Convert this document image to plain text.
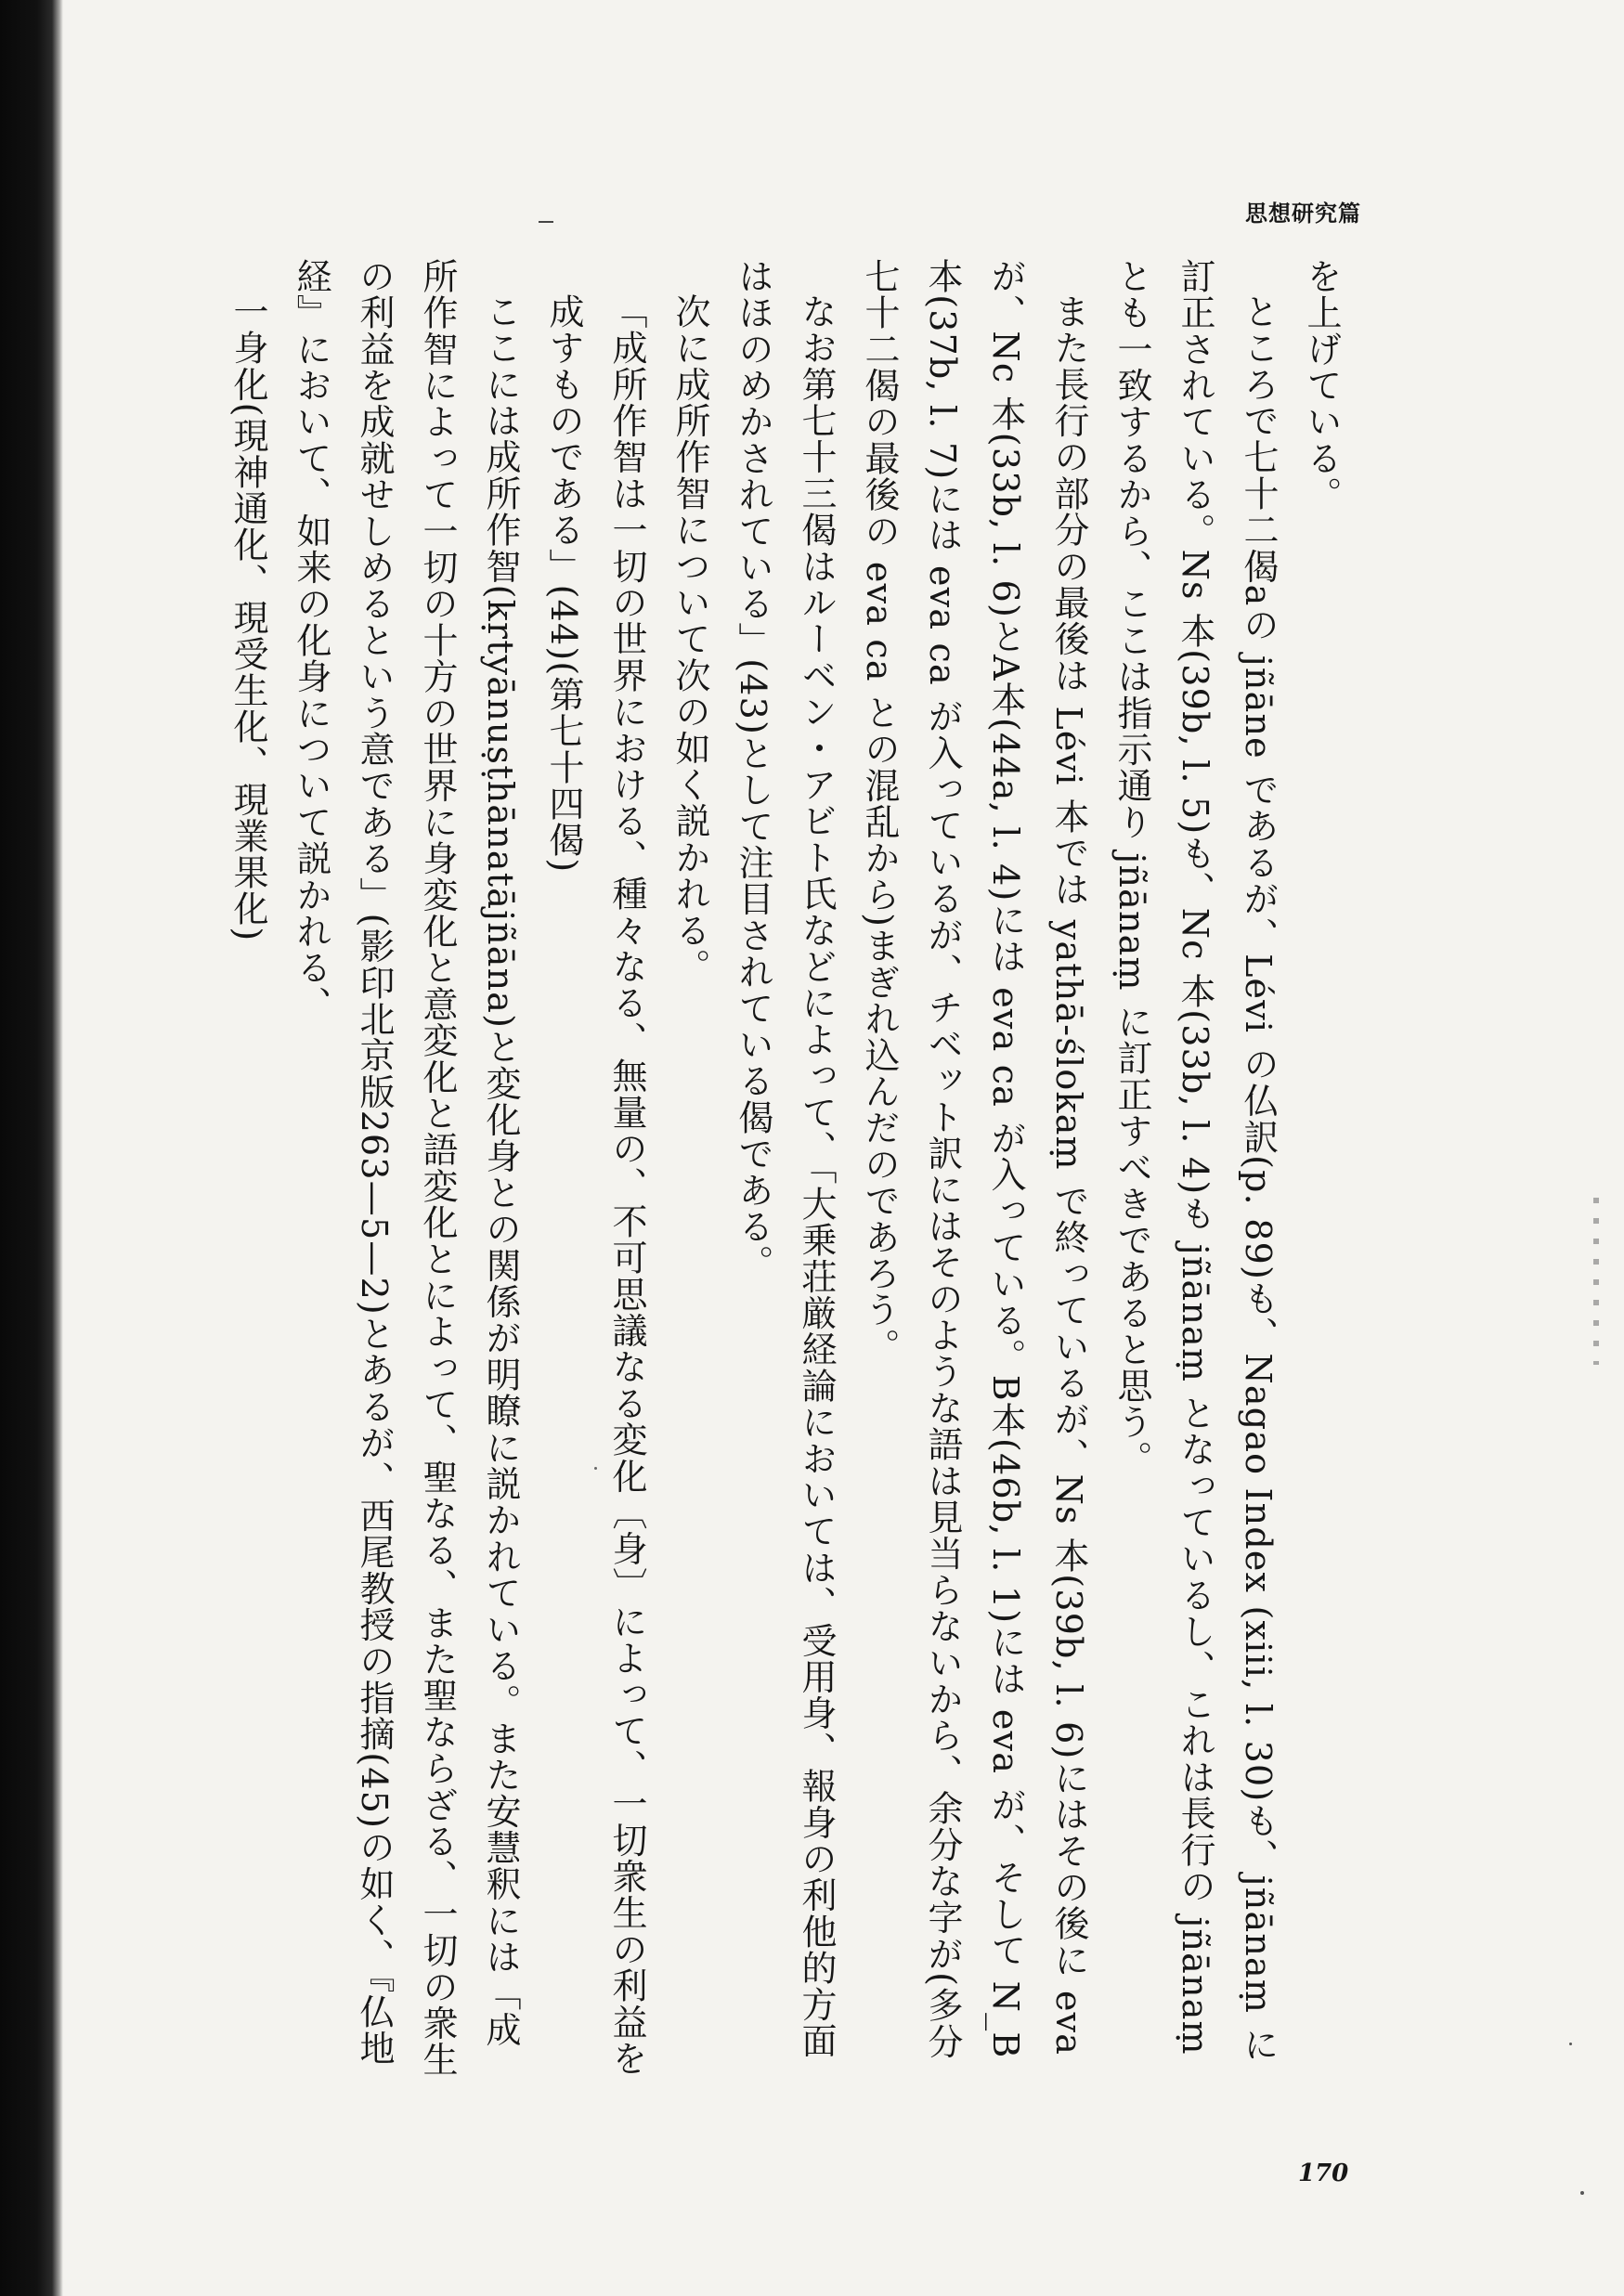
思想研究篇

を上げている。

ところで七十二偈aの jñāne であるが、Lévi の仏訳(p. 89)も、Nagao Index (xiii, l. 30)も、jñānaṃ に訂正されている。Ns 本(39b, l. 5)も、Nc 本(33b, l. 4)も jñānaṃ となっているし、これは長行の jñānaṃ とも一致するから、ここは指示通り jñānaṃ に訂正すべきであると思う。

また長行の部分の最後は Lévi 本では yathā-ślokaṃ で終っているが、Ns 本(39b, l. 6)にはその後に eva が、Nc 本(33b, l. 6)とA本(44a, l. 4)には eva ca が入っている。B本(46b, l. 1)には eva が、そして N_B 本(37b, l. 7)には eva ca が入っているが、チベット訳にはそのような語は見当らないから、余分な字が(多分七十二偈の最後の eva ca との混乱から)まぎれ込んだのであろう。

なお第七十三偈はルーベン・アビト氏などによって、「大乗荘厳経論においては、受用身、報身の利他的方面はほのめかされている」(43)として注目されている偈である。

次に成所作智について次の如く説かれる。

「成所作智は一切の世界における、種々なる、無量の、不可思議なる変化〔身〕によって、一切衆生の利益を成すものである」(44)(第七十四偈)

ここには成所作智(kṛtyānuṣṭhānatājñāna)と変化身との関係が明瞭に説かれている。また安慧釈には「成所作智によって一切の十方の世界に身変化と意変化と語変化とによって、聖なる、また聖ならざる、一切の衆生の利益を成就せしめるという意である」(影印北京版263—5—2)とあるが、西尾教授の指摘(45)の如く、『仏地経』において、如来の化身について説かれる、

一身化(現神通化、現受生化、現業果化)

170
